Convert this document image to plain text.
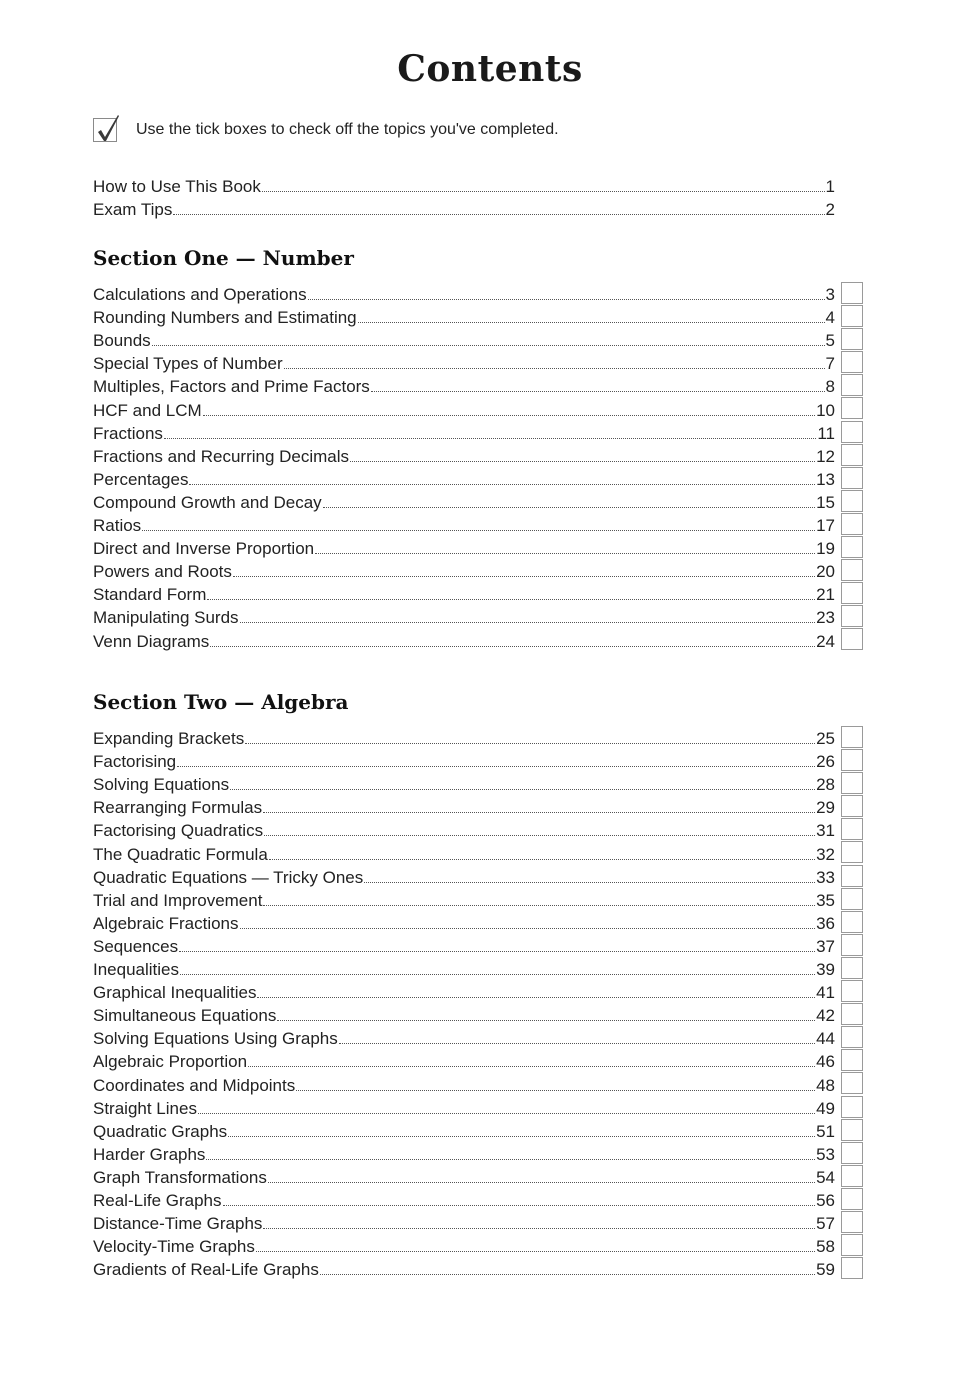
Contents
Use the tick boxes to check off the topics you've completed.
How to Use This Book	1
Exam Tips	2
Section One — Number
Calculations and Operations	3
Rounding Numbers and Estimating	4
Bounds	5
Special Types of Number	7
Multiples, Factors and Prime Factors	8
HCF and LCM	10
Fractions	11
Fractions and Recurring Decimals	12
Percentages	13
Compound Growth and Decay	15
Ratios	17
Direct and Inverse Proportion	19
Powers and Roots	20
Standard Form	21
Manipulating Surds	23
Venn Diagrams	24
Section Two — Algebra
Expanding Brackets	25
Factorising	26
Solving Equations	28
Rearranging Formulas	29
Factorising Quadratics	31
The Quadratic Formula	32
Quadratic Equations — Tricky Ones	33
Trial and Improvement	35
Algebraic Fractions	36
Sequences	37
Inequalities	39
Graphical Inequalities	41
Simultaneous Equations	42
Solving Equations Using Graphs	44
Algebraic Proportion	46
Coordinates and Midpoints	48
Straight Lines	49
Quadratic Graphs	51
Harder Graphs	53
Graph Transformations	54
Real-Life Graphs	56
Distance-Time Graphs	57
Velocity-Time Graphs	58
Gradients of Real-Life Graphs	59
